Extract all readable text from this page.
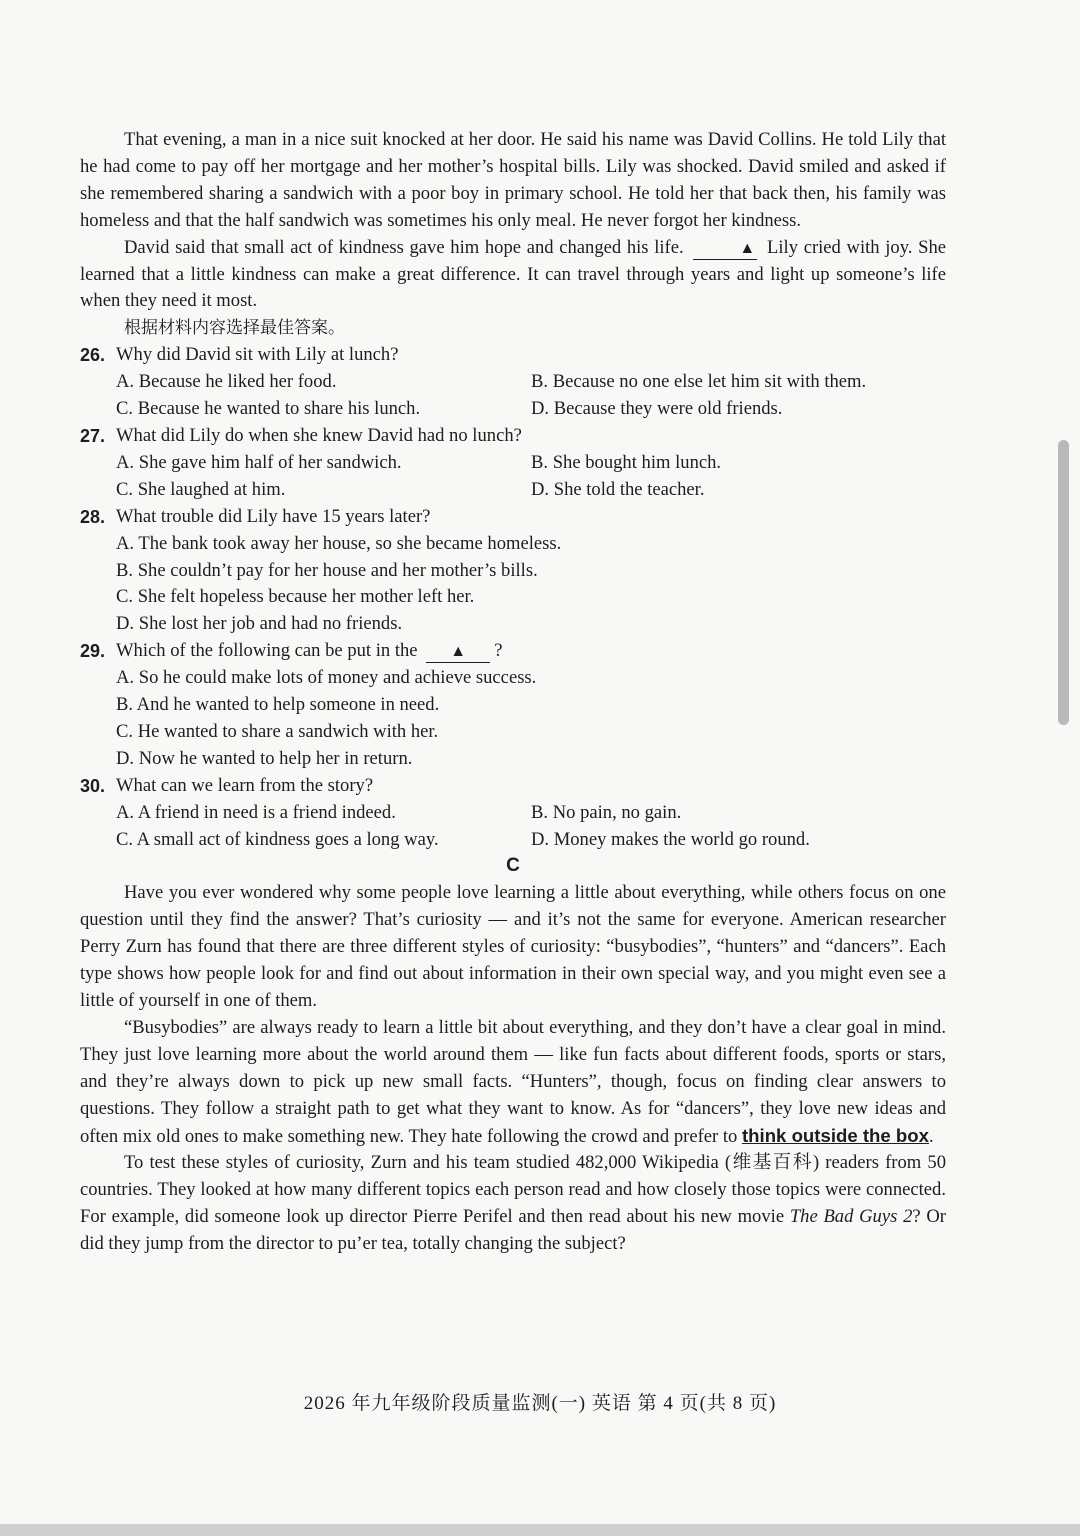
That evening, a man in a nice suit knocked at her door. He said his name was David Collins. He told Lily that he had come to pay off her mortgage and her mother’s hospital bills. Lily was shocked. David smiled and asked if she remembered sharing a sandwich with a poor boy in primary school. He told her that back then, his family was homeless and that the half sandwich was sometimes his only meal. He never forgot her kindness.

David said that small act of kindness gave him hope and changed his life.	▲ Lily cried with joy. She learned that a little kindness can make a great difference. It can travel through years and light up someone’s life when they need it most.

根据材料内容选择最佳答案。
26. Why did David sit with Lily at lunch?
A. Because he liked her food.	B. Because no one else let him sit with them.
C. Because he wanted to share his lunch.	D. Because they were old friends.
27. What did Lily do when she knew David had no lunch?
A. She gave him half of her sandwich.	B. She bought him lunch.
C. She laughed at him.	D. She told the teacher.
28. What trouble did Lily have 15 years later?
A. The bank took away her house, so she became homeless.
B. She couldn’t pay for her house and her mother’s bills.
C. She felt hopeless because her mother left her.
D. She lost her job and had no friends.
29. Which of the following can be put in the ▲ ?
A. So he could make lots of money and achieve success.
B. And he wanted to help someone in need.
C. He wanted to share a sandwich with her.
D. Now he wanted to help her in return.
30. What can we learn from the story?
A. A friend in need is a friend indeed.	B. No pain, no gain.
C. A small act of kindness goes a long way.	D. Money makes the world go round.
C

Have you ever wondered why some people love learning a little about everything, while others focus on one question until they find the answer? That’s curiosity — and it’s not the same for everyone. American researcher Perry Zurn has found that there are three different styles of curiosity: “busybodies”, “hunters” and “dancers”. Each type shows how people look for and find out about information in their own special way, and you might even see a little of yourself in one of them.

“Busybodies” are always ready to learn a little bit about everything, and they don’t have a clear goal in mind. They just love learning more about the world around them — like fun facts about different foods, sports or stars, and they’re always down to pick up new small facts. “Hunters”, though, focus on finding clear answers to questions. They follow a straight path to get what they want to know. As for “dancers”, they love new ideas and often mix old ones to make something new. They hate following the crowd and prefer to think outside the box.

To test these styles of curiosity, Zurn and his team studied 482,000 Wikipedia (维基百科) readers from 50 countries. They looked at how many different topics each person read and how closely those topics were connected. For example, did someone look up director Pierre Perifel and then read about his new movie The Bad Guys 2? Or did they jump from the director to pu’er tea, totally changing the subject?

2026 年九年级阶段质量监测(一) 英语 第 4 页(共 8 页)
